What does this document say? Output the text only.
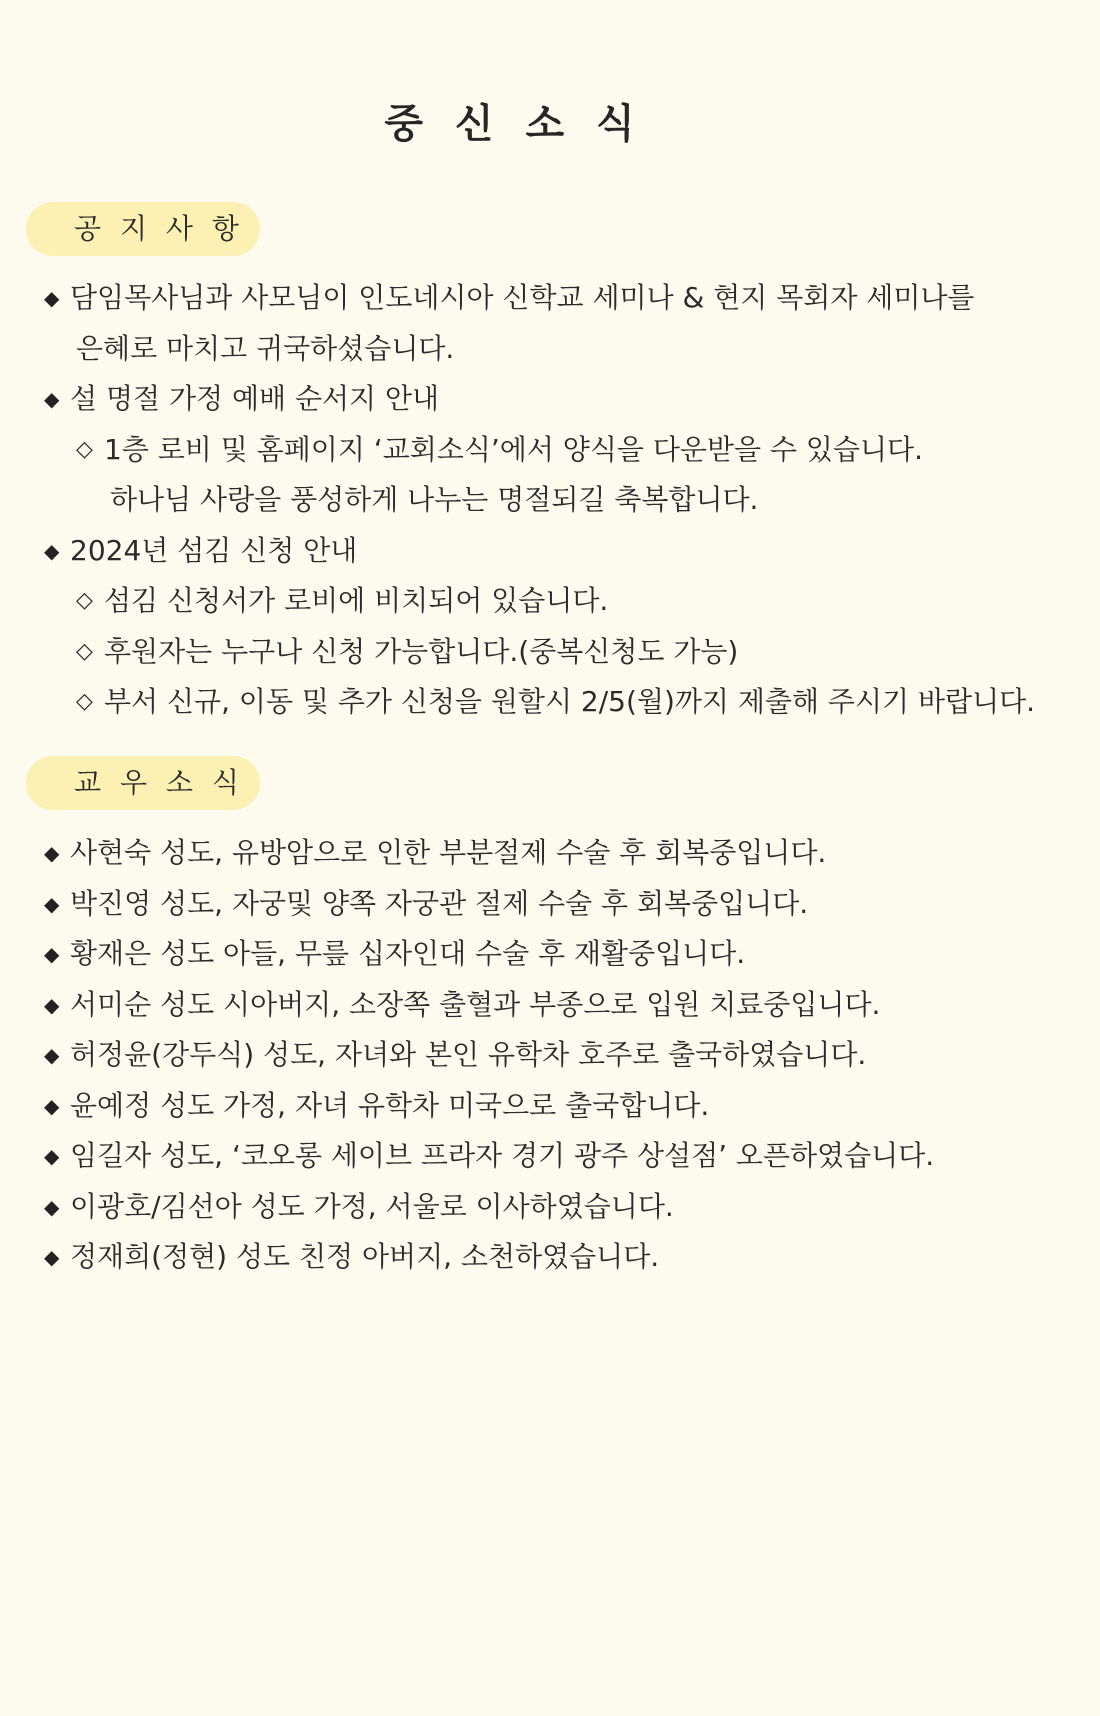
중 신 소 식
공 지 사 항
◆ 담임목사님과 사모님이 인도네시아 신학교 세미나 & 현지 목회자 세미나를
은혜로 마치고 귀국하셨습니다.
◆ 설 명절 가정 예배 순서지 안내
◇ 1층 로비 및 홈페이지 ‘교회소식’에서 양식을 다운받을 수 있습니다.
하나님 사랑을 풍성하게 나누는 명절되길 축복합니다.
◆ 2024년 섬김 신청 안내
◇ 섬김 신청서가 로비에 비치되어 있습니다.
◇ 후원자는 누구나 신청 가능합니다.(중복신청도 가능)
◇ 부서 신규, 이동 및 추가 신청을 원할시 2/5(월)까지 제출해 주시기 바랍니다.
교 우 소 식
◆ 사현숙 성도, 유방암으로 인한 부분절제 수술 후 회복중입니다.
◆ 박진영 성도, 자궁및 양쪽 자궁관 절제 수술 후 회복중입니다.
◆ 황재은 성도 아들, 무릎 십자인대 수술 후 재활중입니다.
◆ 서미순 성도 시아버지, 소장쪽 출혈과 부종으로 입원 치료중입니다.
◆ 허정윤(강두식) 성도, 자녀와 본인 유학차 호주로 출국하였습니다.
◆ 윤예정 성도 가정, 자녀 유학차 미국으로 출국합니다.
◆ 임길자 성도, ‘코오롱 세이브 프라자 경기 광주 상설점’ 오픈하였습니다.
◆ 이광호/김선아 성도 가정, 서울로 이사하였습니다.
◆ 정재희(정현) 성도 친정 아버지, 소천하였습니다.
